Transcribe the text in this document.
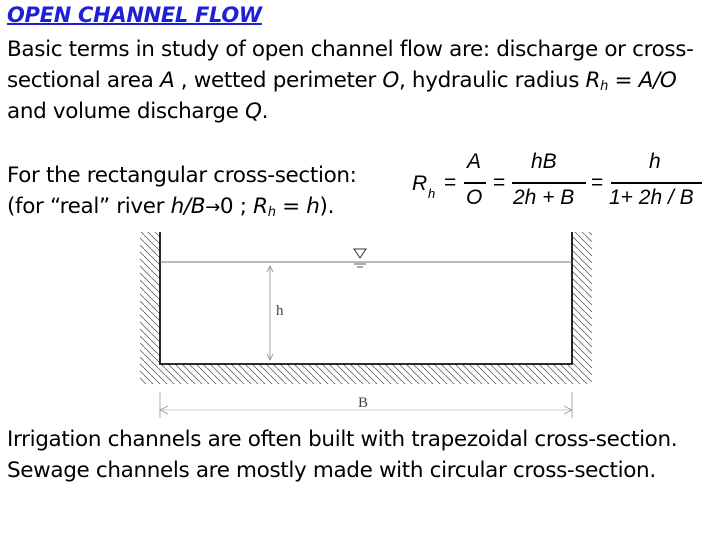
OPEN CHANNEL FLOW

Basic terms in study of open channel flow are: discharge or cross-sectional area A , wetted perimeter O, hydraulic radius $R_h = A/O$ and volume discharge Q.

For the rectangular cross-section:
(for “real” river h/B→0 ; $R_h = h$).

R h =
A
O
=
hB
2h + B
=
h
1+ 2h / B
h
B

Irrigation channels are often built with trapezoidal cross-section. Sewage channels are mostly made with circular cross-section.
